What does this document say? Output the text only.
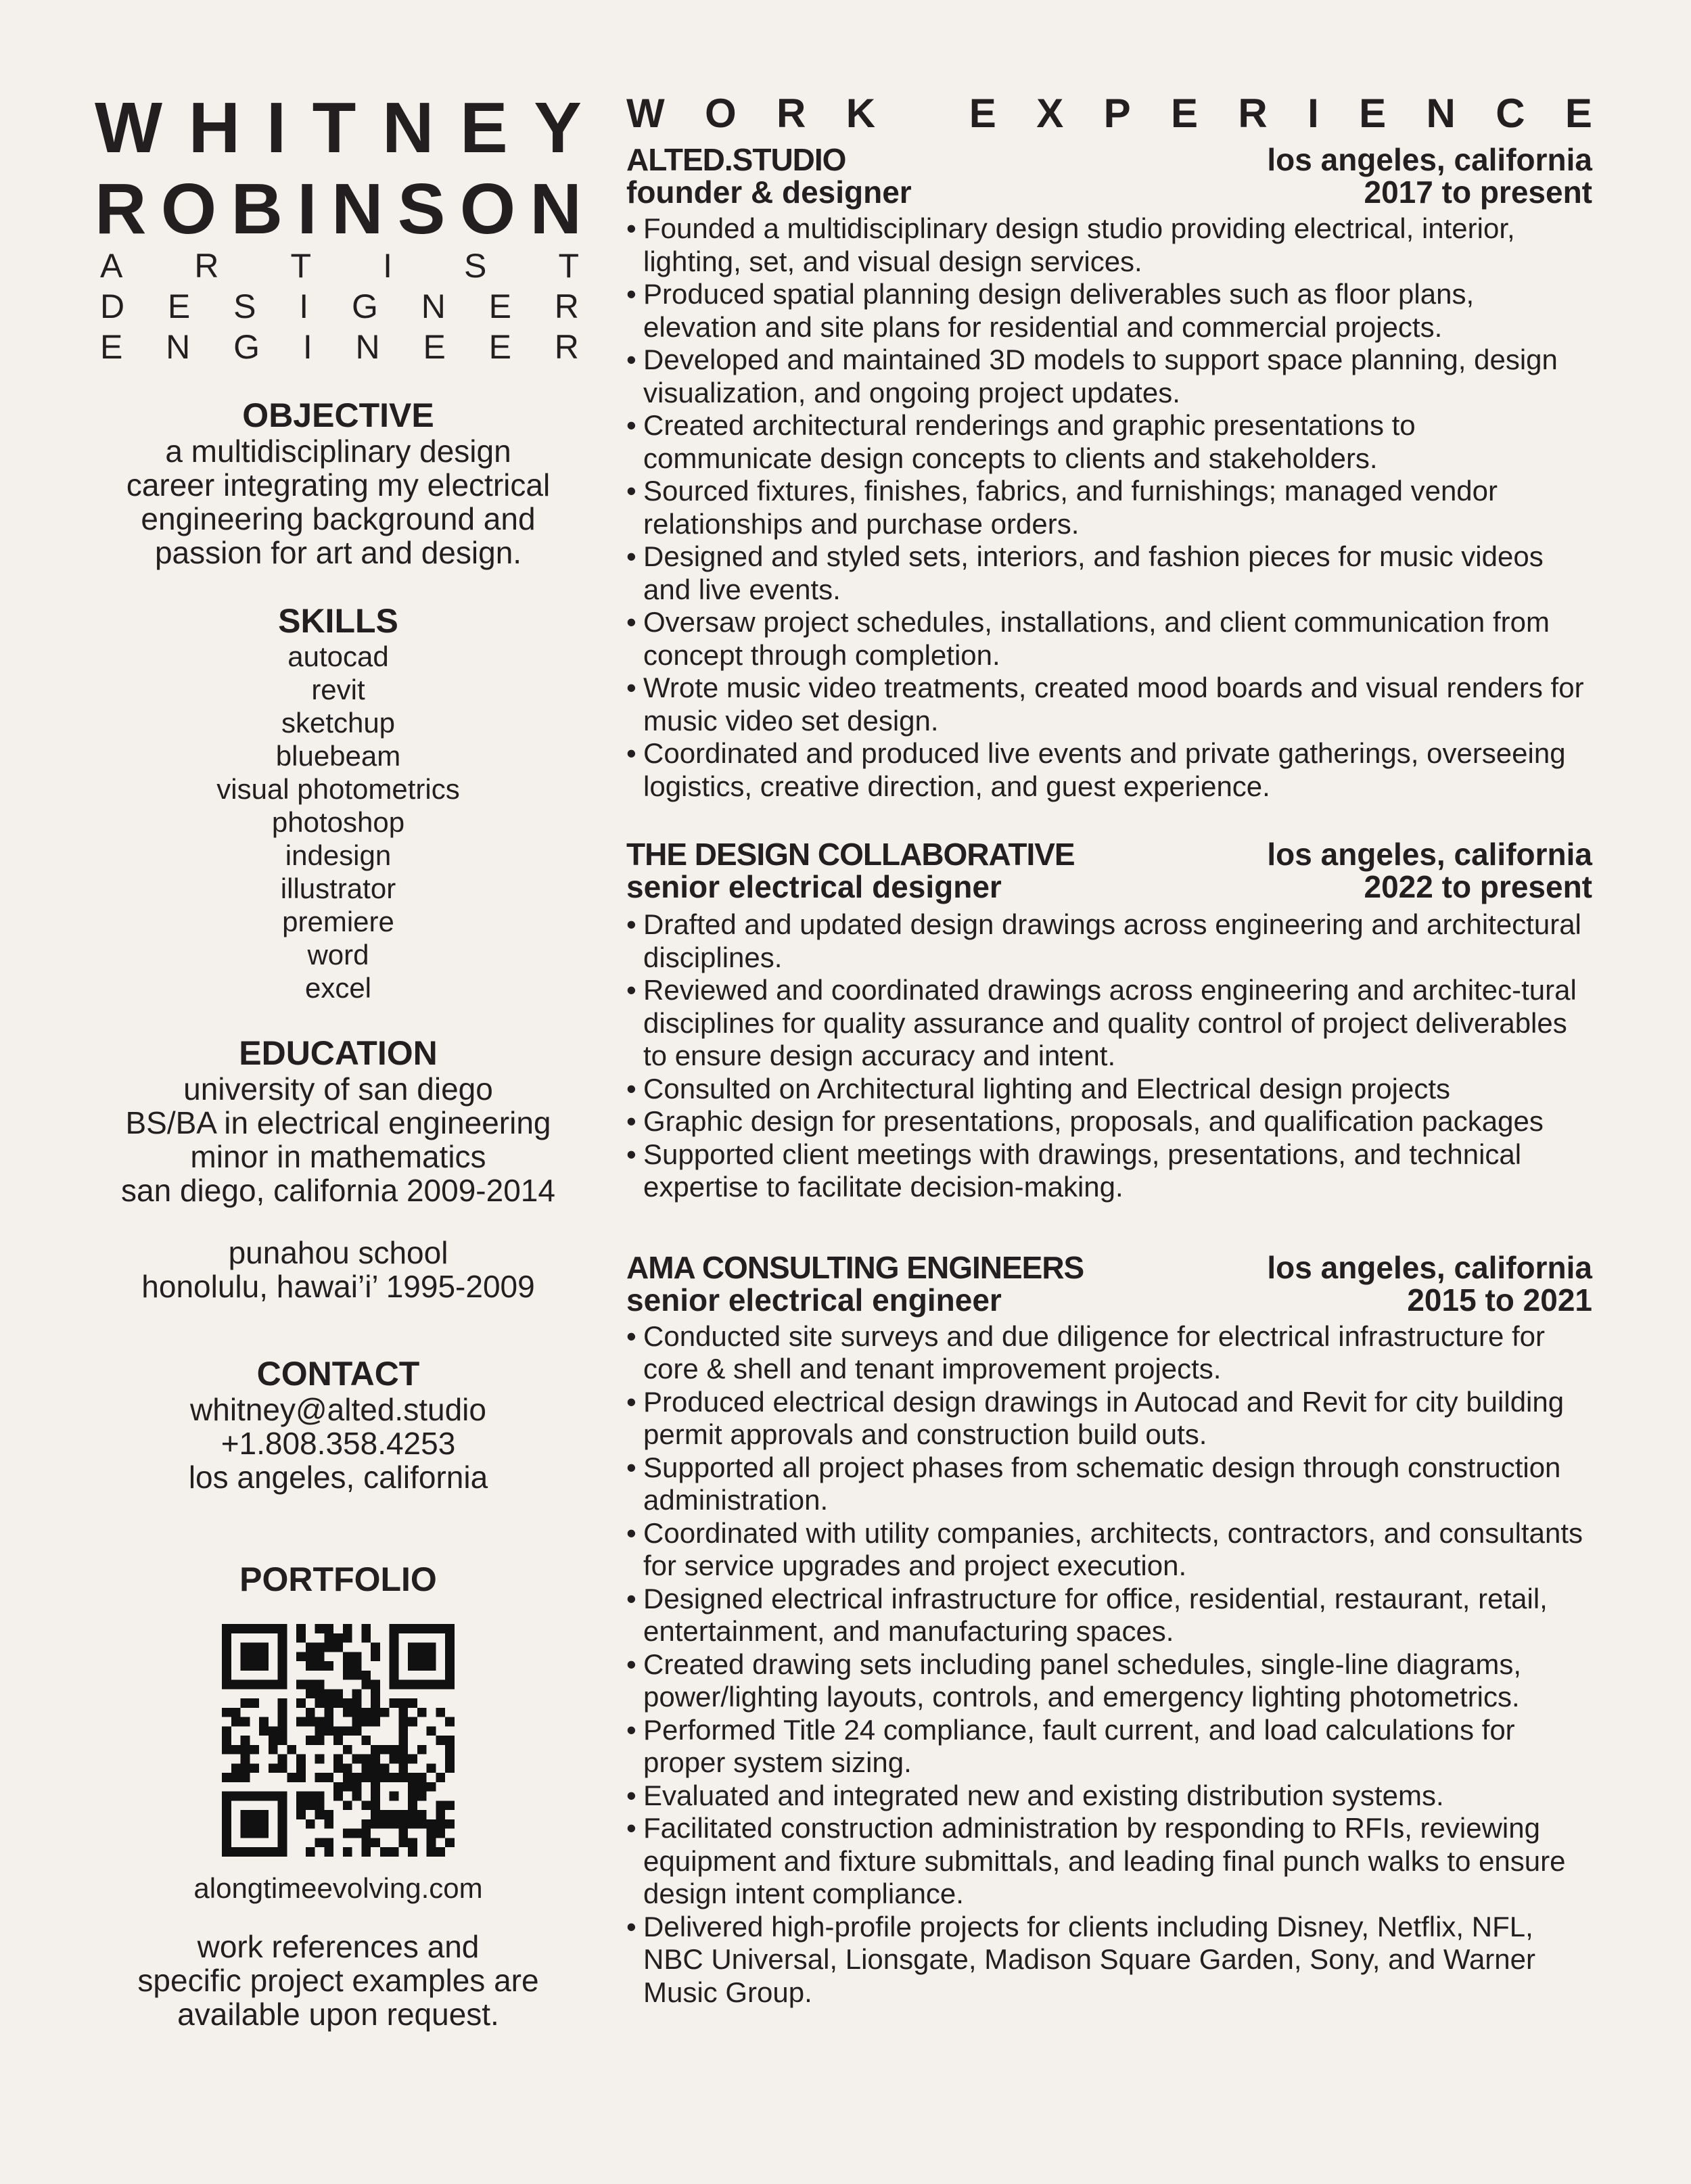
W H I T N E Y
R O B I N S O N
A R T I S T
D E S I G N E R
E N G I N E E R
OBJECTIVE
a multidisciplinary design
career integrating my electrical
engineering background and
passion for art and design.
SKILLS
autocad
revit
sketchup
bluebeam
visual photometrics
photoshop
indesign
illustrator
premiere
word
excel
EDUCATION
university of san diego
BS/BA in electrical engineering
minor in mathematics
san diego, california 2009-2014
punahou school
honolulu, hawai’i’ 1995-2009
CONTACT
whitney@alted.studio
+1.808.358.4253
los angeles, california
PORTFOLIO
alongtimeevolving.com
work references and
specific project examples are
available upon request.
W O R K E X P E R I E N C E
ALTED.STUDIO
founder & designer
los angeles, california
2017 to present
• Founded a multidisciplinary design studio providing electrical, interior, lighting, set, and visual design services.
• Produced spatial planning design deliverables such as floor plans, elevation and site plans for residential and commercial projects.
• Developed and maintained 3D models to support space planning, design visualization, and ongoing project updates.
• Created architectural renderings and graphic presentations to communicate design concepts to clients and stakeholders.
• Sourced fixtures, finishes, fabrics, and furnishings; managed vendor relationships and purchase orders.
• Designed and styled sets, interiors, and fashion pieces for music videos and live events.
• Oversaw project schedules, installations, and client communication from concept through completion.
• Wrote music video treatments, created mood boards and visual renders for music video set design.
• Coordinated and produced live events and private gatherings, overseeing logistics, creative direction, and guest experience.
THE DESIGN COLLABORATIVE
senior electrical designer
los angeles, california
2022 to present
• Drafted and updated design drawings across engineering and architectural disciplines.
• Reviewed and coordinated drawings across engineering and architec-tural disciplines for quality assurance and quality control of project deliverables to ensure design accuracy and intent.
• Consulted on Architectural lighting and Electrical design projects
• Graphic design for presentations, proposals, and qualification packages
• Supported client meetings with drawings, presentations, and technical expertise to facilitate decision-making.
AMA CONSULTING ENGINEERS
senior electrical engineer
los angeles, california
2015 to 2021
• Conducted site surveys and due diligence for electrical infrastructure for core & shell and tenant improvement projects.
• Produced electrical design drawings in Autocad and Revit for city building permit approvals and construction build outs.
• Supported all project phases from schematic design through construction administration.
• Coordinated with utility companies, architects, contractors, and consultants for service upgrades and project execution.
• Designed electrical infrastructure for office, residential, restaurant, retail, entertainment, and manufacturing spaces.
• Created drawing sets including panel schedules, single-line diagrams, power/lighting layouts, controls, and emergency lighting photometrics.
• Performed Title 24 compliance, fault current, and load calculations for proper system sizing.
• Evaluated and integrated new and existing distribution systems.
• Facilitated construction administration by responding to RFIs, reviewing equipment and fixture submittals, and leading final punch walks to ensure design intent compliance.
• Delivered high-profile projects for clients including Disney, Netflix, NFL, NBC Universal, Lionsgate, Madison Square Garden, Sony, and Warner Music Group.
